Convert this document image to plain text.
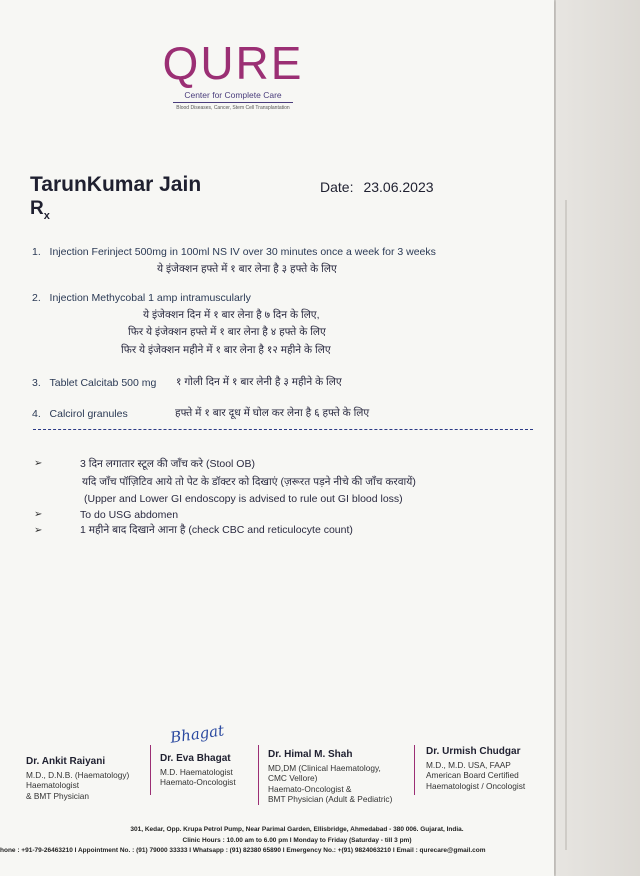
QURE
Center for Complete Care
Blood Diseases, Cancer, Stem Cell Transplantation
TarunKumar Jain	Date: 23.06.2023
$R_x$
1. Injection Ferinject 500mg in 100ml NS IV over 30 minutes once a week for 3 weeks
ये इंजेक्शन हफ्ते में १ बार लेना है ३ हफ्ते के लिए
2. Injection Methycobal 1 amp intramuscularly
ये इंजेक्शन दिन में १ बार लेना है ७ दिन के लिए,
फिर ये इंजेक्शन हफ्ते में १ बार लेना है ४ हफ्ते के लिए
फिर ये इंजेक्शन महीने में १ बार लेना है १२ महीने के लिए
3. Tablet Calcitab 500 mg १ गोली दिन में १ बार लेनी है ३ महीने के लिए
4. Calcirol granules	हफ्ते में १ बार दूध में घोल कर लेना है ६ हफ्ते के लिए
➢	3 दिन लगातार स्टूल की जाँच करे (Stool OB)
यदि जाँच पॉज़िटिव आये तो पेट के डॉक्टर को दिखाएं (ज़रूरत पड़ने नीचे की जाँच करवायें)
(Upper and Lower GI endoscopy is advised to rule out GI blood loss)
➢	To do USG abdomen
➢	1 महीने बाद दिखाने आना है (check CBC and reticulocyte count)
Bhagat
Dr. Ankit Raiyani
M.D., D.N.B. (Haematology)
Haematologist
& BMT Physician
Dr. Eva Bhagat
M.D. Haematologist
Haemato-Oncologist
Dr. Himal M. Shah
MD,DM (Clinical Haematology,
CMC Vellore)
Haemato-Oncologist &
BMT Physician (Adult & Pediatric)
Dr. Urmish Chudgar
M.D., M.D. USA, FAAP
American Board Certified
Haematologist / Oncologist
301, Kedar, Opp. Krupa Petrol Pump, Near Parimal Garden, Ellisbridge, Ahmedabad - 380 006. Gujarat, India.
Clinic Hours : 10.00 am to 6.00 pm I Monday to Friday (Saturday - till 3 pm)
hone : +91-79-26463210 I Appointment No. : (91) 79000 33333 I Whatsapp : (91) 82380 65890 I Emergency No.: +(91) 9824063210 I Email : qurecare@gmail.com
